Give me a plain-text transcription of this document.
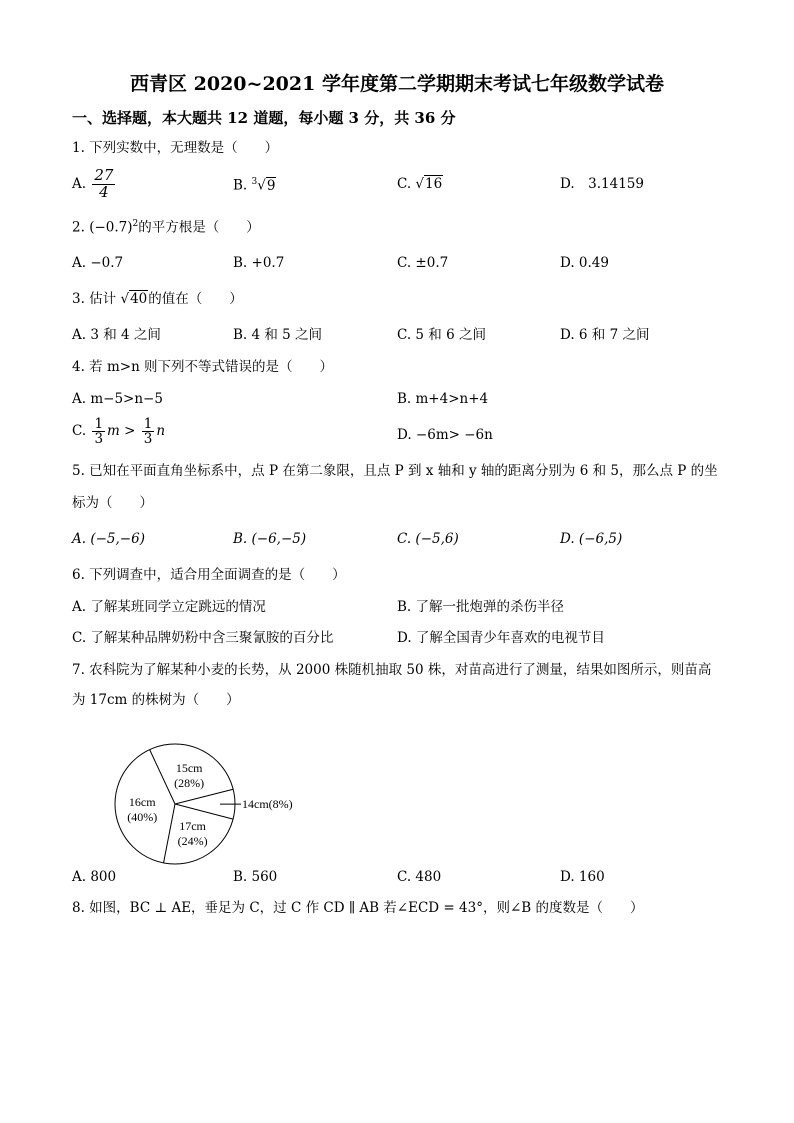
西青区 2020~2021 学年度第二学期期末考试七年级数学试卷
一、选择题，本大题共 12 道题，每小题 3 分，共 36 分
1. 下列实数中，无理数是（　　）
A. $\frac{27}{4}$	B. $^3$√9	C. √16	D.　3.14159
2. $(-0.7)^2$的平方根是（　　）
A. −0.7	B. +0.7	C. ±0.7	D. 0.49
3. 估计 √40的值在（　　）
A. 3 和 4 之间	B. 4 和 5 之间	C. 5 和 6 之间	D. 6 和 7 之间
4. 若 m>n 则下列不等式错误的是（　　）
A. m−5>n−5	B. m+4>n+4
C. $\frac{1}{3}$ $m > \frac{1}{3}$ n	D. −6m> −6n
5. 已知在平面直角坐标系中，点 P 在第二象限，且点 P 到 x 轴和 y 轴的距离分别为 6 和 5，那么点 P 的坐
标为（　　）
A. (−5,−6)	B. (−6,−5)	C. (−5,6)	D. (−6,5)
6. 下列调查中，适合用全面调查的是（　　）
A. 了解某班同学立定跳远的情况	B. 了解一批炮弹的杀伤半径
C. 了解某种品牌奶粉中含三聚氰胺的百分比	D. 了解全国青少年喜欢的电视节目
7. 农科院为了解某种小麦的长势，从 2000 株随机抽取 50 株，对苗高进行了测量，结果如图所示，则苗高
为 17cm 的株树为（　　）
15cm
(28%)
17cm
(24%)
16cm
(40%)
14cm(8%)
A. 800	B. 560	C. 480	D. 160
8. 如图，BC ⊥ AE，垂足为 C，过 C 作 CD ∥ AB 若∠ECD = 43°，则∠B 的度数是（　　）
